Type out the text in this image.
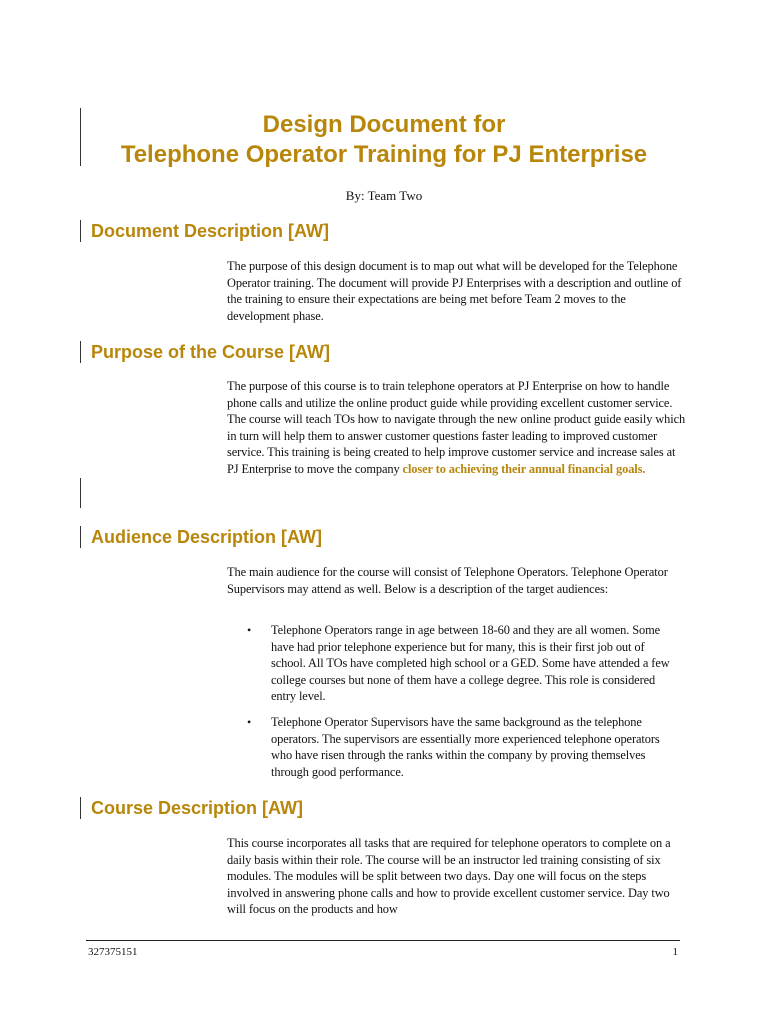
Design Document for
Telephone Operator Training for PJ Enterprise

By: Team Two

Document Description [AW]

The purpose of this design document is to map out what will be developed for the Telephone Operator training. The document will provide PJ Enterprises with a description and outline of the training to ensure their expectations are being met before Team 2 moves to the development phase.

Purpose of the Course [AW]

The purpose of this course is to train telephone operators at PJ Enterprise on how to handle phone calls and utilize the online product guide while providing excellent customer service. The course will teach TOs how to navigate through the new online product guide easily which in turn will help them to answer customer questions faster leading to improved customer service. This training is being created to help improve customer service and increase sales at PJ Enterprise to move the company closer to achieving their annual financial goals.

Audience Description [AW]

The main audience for the course will consist of Telephone Operators. Telephone Operator Supervisors may attend as well. Below is a description of the target audiences:

• Telephone Operators range in age between 18-60 and they are all women. Some have had prior telephone experience but for many, this is their first job out of school. All TOs have completed high school or a GED. Some have attended a few college courses but none of them have a college degree. This role is considered entry level.
• Telephone Operator Supervisors have the same background as the telephone operators. The supervisors are essentially more experienced telephone operators who have risen through the ranks within the company by proving themselves through good performance.
Course Description [AW]

This course incorporates all tasks that are required for telephone operators to complete on a daily basis within their role. The course will be an instructor led training consisting of six modules. The modules will be split between two days. Day one will focus on the steps involved in answering phone calls and how to provide excellent customer service. Day two will focus on the products and how

327375151	1
